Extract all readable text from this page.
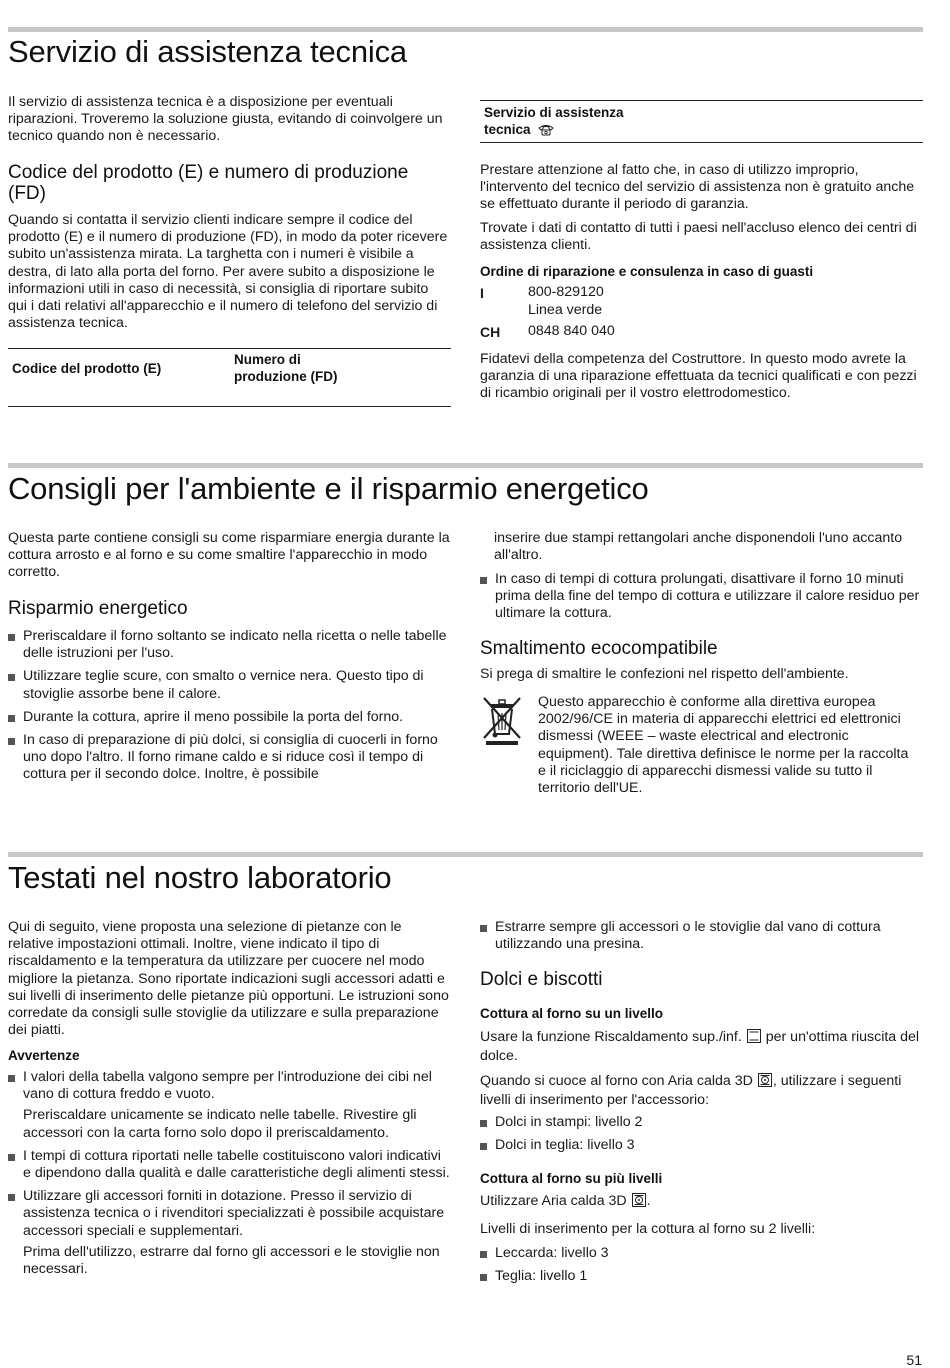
Servizio di assistenza tecnica

Il servizio di assistenza tecnica è a disposizione per eventuali riparazioni. Troveremo la soluzione giusta, evitando di coinvolgere un tecnico quando non è necessario.

Codice del prodotto (E) e numero di produzione (FD)

Quando si contatta il servizio clienti indicare sempre il codice del prodotto (E) e il numero di produzione (FD), in modo da poter ricevere subito un'assistenza mirata. La targhetta con i numeri è visibile a destra, di lato alla porta del forno. Per avere subito a disposizione le informazioni utili in caso di necessità, si consiglia di riportare subito qui i dati relativi all'apparecchio e il numero di telefono del servizio di assistenza tecnica.

Codice del prodotto (E)
Numero di produzione (FD)
Servizio di assistenza tecnica

Prestare attenzione al fatto che, in caso di utilizzo improprio, l'intervento del tecnico del servizio di assistenza non è gratuito anche se effettuato durante il periodo di garanzia.

Trovate i dati di contatto di tutti i paesi nell'accluso elenco dei centri di assistenza clienti.

Ordine di riparazione e consulenza in caso di guasti
I	800-829120
Linea verde
CH 0848 840 040

Fidatevi della competenza del Costruttore. In questo modo avrete la garanzia di una riparazione effettuata da tecnici qualificati e con pezzi di ricambio originali per il vostro elettrodomestico.

Consigli per l'ambiente e il risparmio energetico

Questa parte contiene consigli su come risparmiare energia durante la cottura arrosto e al forno e su come smaltire l'apparecchio in modo corretto.

Risparmio energetico
Preriscaldare il forno soltanto se indicato nella ricetta o nelle tabelle delle istruzioni per l'uso.
Utilizzare teglie scure, con smalto o vernice nera. Questo tipo di stoviglie assorbe bene il calore.
Durante la cottura, aprire il meno possibile la porta del forno.
In caso di preparazione di più dolci, si consiglia di cuocerli in forno uno dopo l'altro. Il forno rimane caldo e si riduce così il tempo di cottura per il secondo dolce. Inoltre, è possibile

inserire due stampi rettangolari anche disponendoli l'uno accanto all'altro.

In caso di tempi di cottura prolungati, disattivare il forno 10 minuti prima della fine del tempo di cottura e utilizzare il calore residuo per ultimare la cottura.
Smaltimento ecocompatibile

Si prega di smaltire le confezioni nel rispetto dell'ambiente.

Questo apparecchio è conforme alla direttiva europea 2002/96/CE in materia di apparecchi elettrici ed elettronici dismessi (WEEE – waste electrical and electronic equipment). Tale direttiva definisce le norme per la raccolta e il riciclaggio di apparecchi dismessi valide su tutto il territorio dell'UE.

Testati nel nostro laboratorio

Qui di seguito, viene proposta una selezione di pietanze con le relative impostazioni ottimali. Inoltre, viene indicato il tipo di riscaldamento e la temperatura da utilizzare per cuocere nel modo migliore la pietanza. Sono riportate indicazioni sugli accessori adatti e sui livelli di inserimento delle pietanze più opportuni. Le istruzioni sono corredate da consigli sulle stoviglie da utilizzare e sulla preparazione dei piatti.

Avvertenze
I valori della tabella valgono sempre per l'introduzione dei cibi nel vano di cottura freddo e vuoto.
Preriscaldare unicamente se indicato nelle tabelle. Rivestire gli accessori con la carta forno solo dopo il preriscaldamento.
I tempi di cottura riportati nelle tabelle costituiscono valori indicativi e dipendono dalla qualità e dalle caratteristiche degli alimenti stessi.
Utilizzare gli accessori forniti in dotazione. Presso il servizio di assistenza tecnica o i rivenditori specializzati è possibile acquistare accessori speciali e supplementari.
Prima dell'utilizzo, estrarre dal forno gli accessori e le stoviglie non necessari.
Estrarre sempre gli accessori o le stoviglie dal vano di cottura utilizzando una presina.
Dolci e biscotti
Cottura al forno su un livello
Usare la funzione Riscaldamento sup./inf. per un'ottima riuscita del dolce.
Quando si cuoce al forno con Aria calda 3D , utilizzare i seguenti livelli di inserimento per l'accessorio:
Dolci in stampi: livello 2
Dolci in teglia: livello 3
Cottura al forno su più livelli
Utilizzare Aria calda 3D .

Livelli di inserimento per la cottura al forno su 2 livelli:

Leccarda: livello 3
Teglia: livello 1
51
